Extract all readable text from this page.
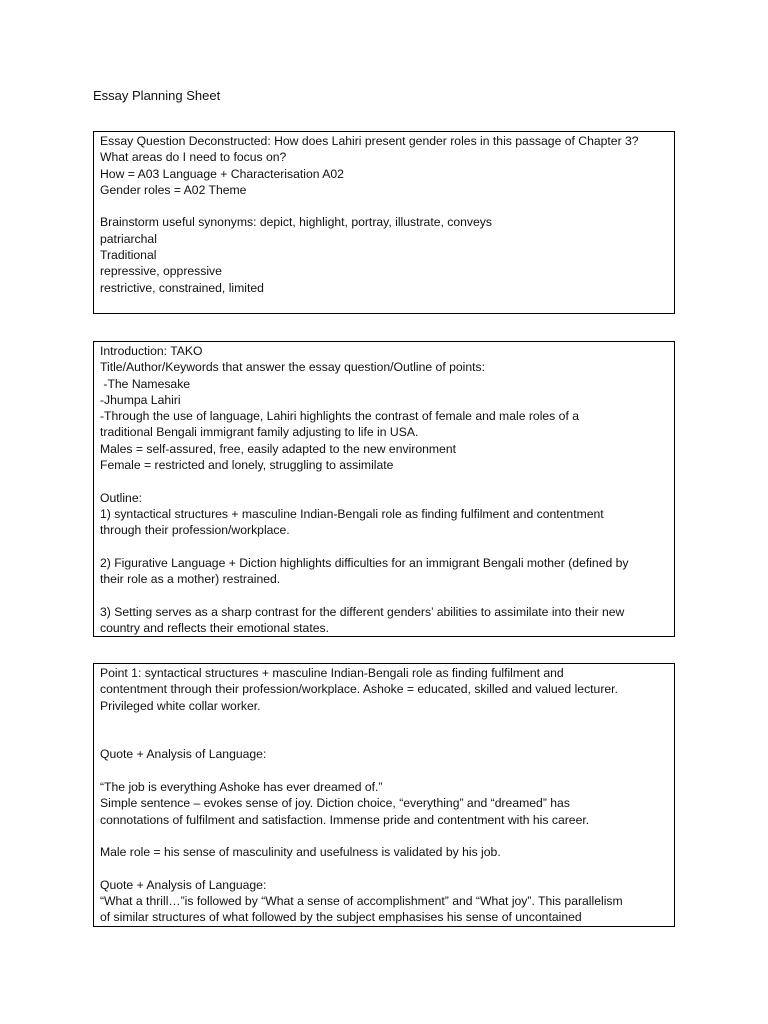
Essay Planning Sheet
Essay Question Deconstructed: How does Lahiri present gender roles in this passage of Chapter 3?
What areas do I need to focus on?
How = A03 Language + Characterisation A02
Gender roles = A02 Theme
Brainstorm useful synonyms: depict, highlight, portray, illustrate, conveys
patriarchal
Traditional
repressive, oppressive
restrictive, constrained, limited
Introduction: TAKO
Title/Author/Keywords that answer the essay question/Outline of points:
-The Namesake
-Jhumpa Lahiri
-Through the use of language, Lahiri highlights the contrast of female and male roles of a
traditional Bengali immigrant family adjusting to life in USA.
Males = self-assured, free, easily adapted to the new environment
Female = restricted and lonely, struggling to assimilate
Outline:
1) syntactical structures + masculine Indian-Bengali role as finding fulfilment and contentment
through their profession/workplace.
2) Figurative Language + Diction highlights difficulties for an immigrant Bengali mother (defined by
their role as a mother) restrained.
3) Setting serves as a sharp contrast for the different genders’ abilities to assimilate into their new
country and reflects their emotional states.
Point 1: syntactical structures + masculine Indian-Bengali role as finding fulfilment and
contentment through their profession/workplace. Ashoke = educated, skilled and valued lecturer.
Privileged white collar worker.
Quote + Analysis of Language:
“The job is everything Ashoke has ever dreamed of.”
Simple sentence – evokes sense of joy. Diction choice, “everything” and “dreamed” has
connotations of fulfilment and satisfaction. Immense pride and contentment with his career.
Male role = his sense of masculinity and usefulness is validated by his job.
Quote + Analysis of Language:
“What a thrill…”is followed by “What a sense of accomplishment” and “What joy”. This parallelism
of similar structures of what followed by the subject emphasises his sense of uncontained
